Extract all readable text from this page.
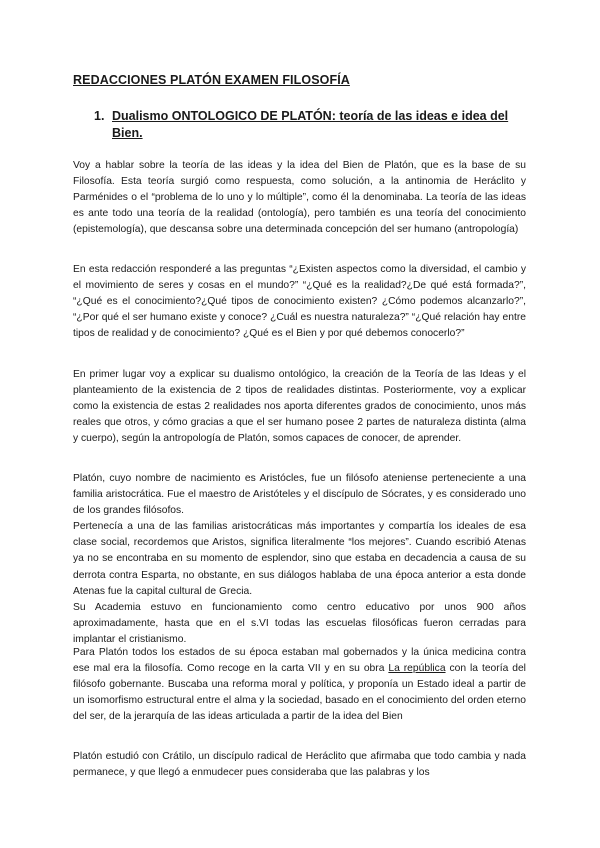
REDACCIONES PLATÓN EXAMEN FILOSOFÍA
1. Dualismo ONTOLOGICO DE PLATÓN: teoría de las ideas e idea del Bien.

Voy a hablar sobre la teoría de las ideas y la idea del Bien de Platón, que es la base de su Filosofía. Esta teoría surgió como respuesta, como solución, a la antinomia de Heráclito y Parménides o el “problema de lo uno y lo múltiple”, como él la denominaba. La teoría de las ideas es ante todo una teoría de la realidad (ontología), pero también es una teoría del conocimiento (epistemología), que descansa sobre una determinada concepción del ser humano (antropología)

En esta redacción responderé a las preguntas “¿Existen aspectos como la diversidad, el cambio y el movimiento de seres y cosas en el mundo?” “¿Qué es la realidad?¿De qué está formada?”, “¿Qué es el conocimiento?¿Qué tipos de conocimiento existen? ¿Cómo podemos alcanzarlo?”, “¿Por qué el ser humano existe y conoce? ¿Cuál es nuestra naturaleza?” “¿Qué relación hay entre tipos de realidad y de conocimiento? ¿Qué es el Bien y por qué debemos conocerlo?”

En primer lugar voy a explicar su dualismo ontológico, la creación de la Teoría de las Ideas y el planteamiento de la existencia de 2 tipos de realidades distintas. Posteriormente, voy a explicar como la existencia de estas 2 realidades nos aporta diferentes grados de conocimiento, unos más reales que otros, y cómo gracias a que el ser humano posee 2 partes de naturaleza distinta (alma y cuerpo), según la antropología de Platón, somos capaces de conocer, de aprender.

Platón, cuyo nombre de nacimiento es Aristócles, fue un filósofo ateniense perteneciente a una familia aristocrática. Fue el maestro de Aristóteles y el discípulo de Sócrates, y es considerado uno de los grandes filósofos.
Pertenecía a una de las familias aristocráticas más importantes y compartía los ideales de esa clase social, recordemos que Aristos, significa literalmente “los mejores”. Cuando escribió Atenas ya no se encontraba en su momento de esplendor, sino que estaba en decadencia a causa de su derrota contra Esparta, no obstante, en sus diálogos hablaba de una época anterior a esta donde Atenas fue la capital cultural de Grecia.
Su Academia estuvo en funcionamiento como centro educativo por unos 900 años aproximadamente, hasta que en el s.VI todas las escuelas filosóficas fueron cerradas para implantar el cristianismo.

Para Platón todos los estados de su época estaban mal gobernados y la única medicina contra ese mal era la filosofía. Como recoge en la carta VII y en su obra La república con la teoría del filósofo gobernante. Buscaba una reforma moral y política, y proponía un Estado ideal a partir de un isomorfismo estructural entre el alma y la sociedad, basado en el conocimiento del orden eterno del ser, de la jerarquía de las ideas articulada a partir de la idea del Bien

Platón estudió con Crátilo, un discípulo radical de Heráclito que afirmaba que todo cambia y nada permanece, y que llegó a enmudecer pues consideraba que las palabras y los
